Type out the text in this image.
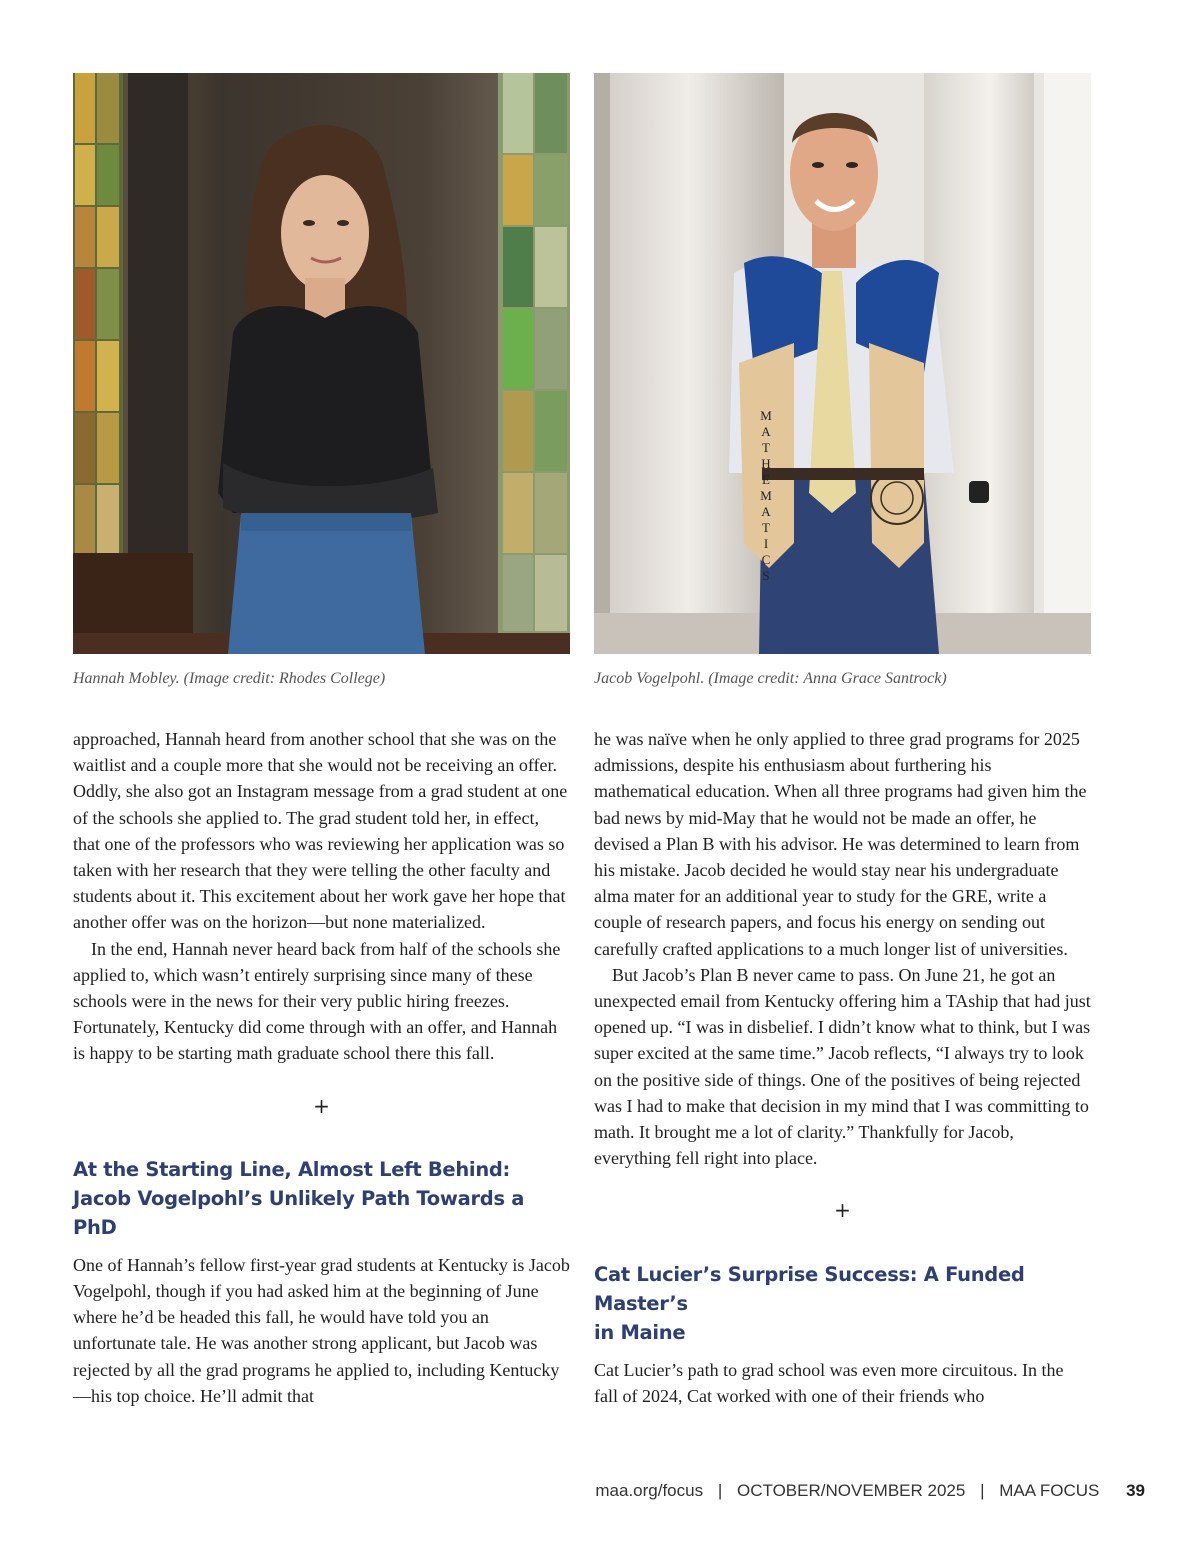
MATHEMATICS
Hannah Mobley. (Image credit: Rhodes College)	Jacob Vogelpohl. (Image credit: Anna Grace Santrock)

approached, Hannah heard from another school that she was on the waitlist and a couple more that she would not be receiving an offer. Oddly, she also got an Instagram message from a grad student at one of the schools she applied to. The grad student told her, in effect, that one of the professors who was reviewing her application was so taken with her research that they were telling the other faculty and students about it. This excitement about her work gave her hope that another offer was on the horizon—but none materialized.

In the end, Hannah never heard back from half of the schools she applied to, which wasn’t entirely surprising since many of these schools were in the news for their very public hiring freezes. Fortunately, Kentucky did come through with an offer, and Hannah is happy to be starting math graduate school there this fall.

+

At the Starting Line, Almost Left Behind:

Jacob Vogelpohl’s Unlikely Path Towards a PhD

One of Hannah’s fellow first-year grad students at Kentucky is Jacob Vogelpohl, though if you had asked him at the beginning of June where he’d be headed this fall, he would have told you an unfortunate tale. He was another strong applicant, but Jacob was rejected by all the grad programs he applied to, including Kentucky—his top choice. He’ll admit that

he was naïve when he only applied to three grad programs for 2025 admissions, despite his enthusiasm about furthering his mathematical education. When all three programs had given him the bad news by mid-May that he would not be made an offer, he devised a Plan B with his advisor. He was determined to learn from his mistake. Jacob decided he would stay near his undergraduate alma mater for an additional year to study for the GRE, write a couple of research papers, and focus his energy on sending out carefully crafted applications to a much longer list of universities.

But Jacob’s Plan B never came to pass. On June 21, he got an unexpected email from Kentucky offering him a TAship that had just opened up. “I was in disbelief. I didn’t know what to think, but I was super excited at the same time.” Jacob reflects, “I always try to look on the positive side of things. One of the positives of being rejected was I had to make that decision in my mind that I was committing to math. It brought me a lot of clarity.” Thankfully for Jacob, everything fell right into place.

+

Cat Lucier’s Surprise Success: A Funded Master’s

in Maine

Cat Lucier’s path to grad school was even more circuitous. In the fall of 2024, Cat worked with one of their friends who

maa.org/focus | OCTOBER/NOVEMBER 2025 | MAA FOCUS 39
